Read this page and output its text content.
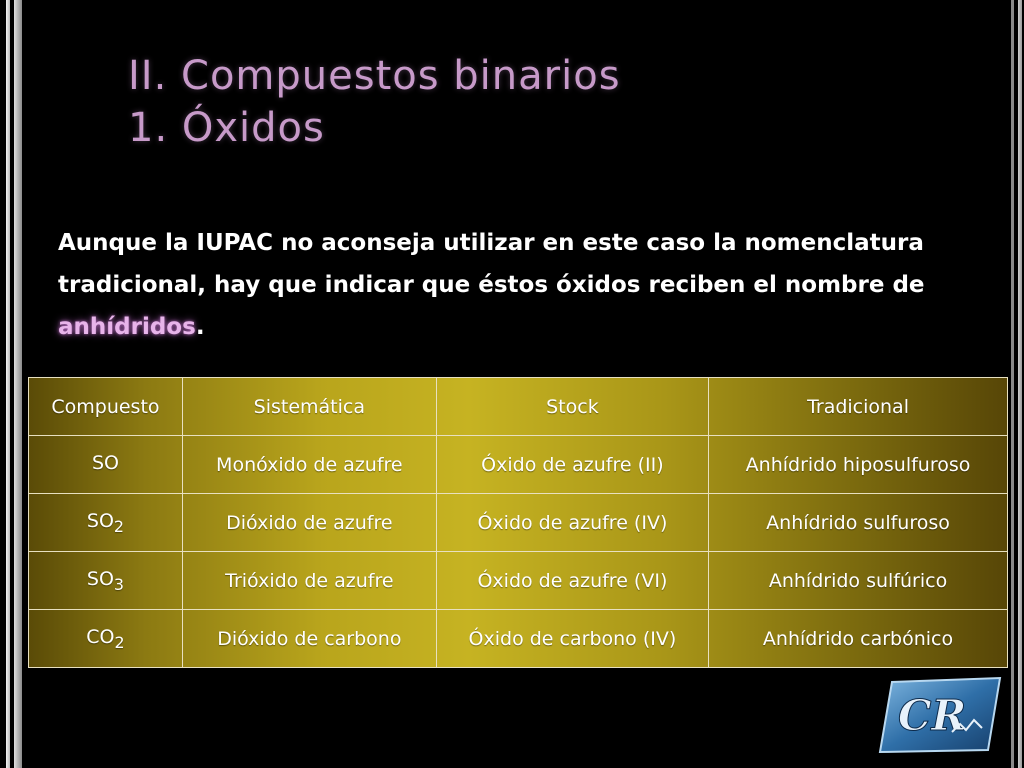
II. Compuestos binarios
1. Óxidos

Aunque la IUPAC no aconseja utilizar en este caso la nomenclatura tradicional, hay que indicar que éstos óxidos reciben el nombre de anhídridos.

Compuesto	Sistemática	Stock	Tradicional
SO	Monóxido de azufre	Óxido de azufre (II)	Anhídrido hiposulfuroso
$SO_2$	Dióxido de azufre	Óxido de azufre (IV)	Anhídrido sulfuroso
$SO_3$	Trióxido de azufre	Óxido de azufre (VI)	Anhídrido sulfúrico
$CO_2$	Dióxido de carbono	Óxido de carbono (IV)	Anhídrido carbónico
CR
